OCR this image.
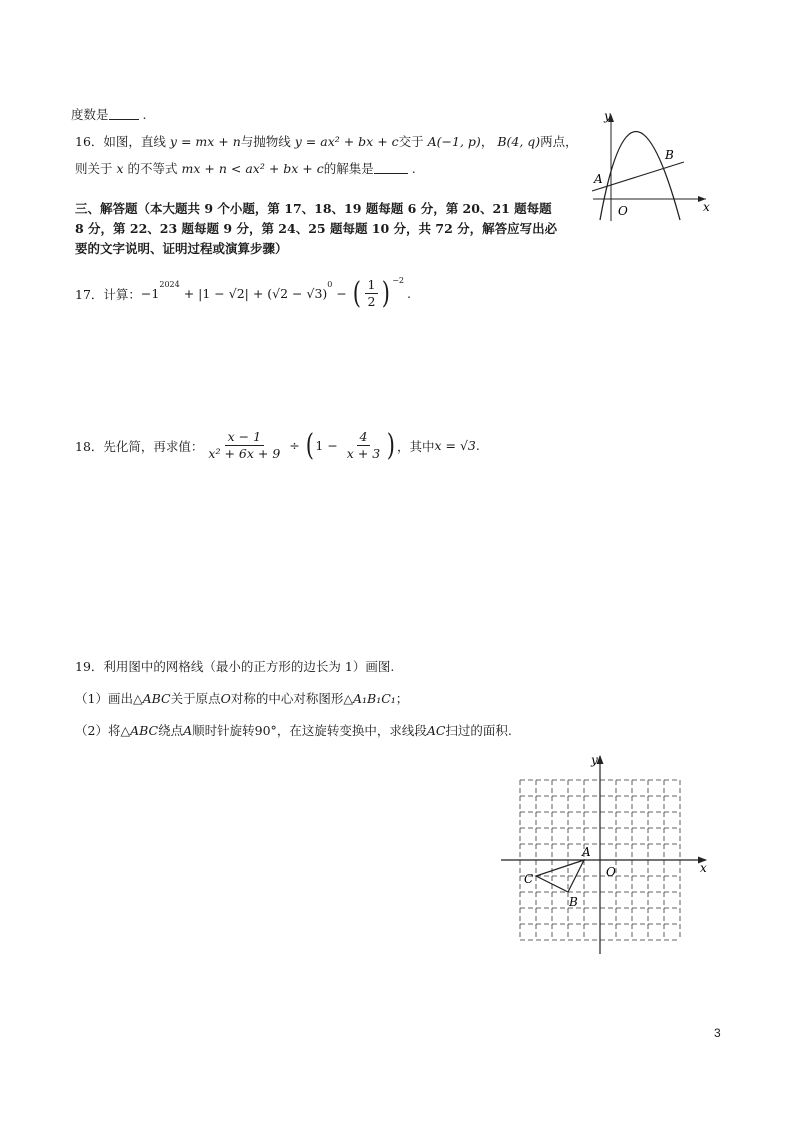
度数是	.
16．如图，直线 y = mx + n与抛物线 y = ax² + bx + c交于 A(−1, p)， B(4, q)两点，
则关于 x 的不等式 mx + n < ax² + bx + c的解集是	.
x
y
O
A
B
三、解答题（本大题共 9 个小题，第 17、18、19 题每题 6 分，第 20、21 题每题
8 分，第 22、23 题每题 9 分，第 24、25 题每题 10 分，共 72 分，解答应写出必
要的文字说明、证明过程或演算步骤）
17． 计算： −1
$^{2024}$
+ |1 − √2| + (√2 − √3)
$^0$
− ( $\frac{1}{2} )^{-2}$
.
18． 先化简，再求值： $\frac{x - 1}{\text{x² + 6x + 9}}$ ÷ ( $1 - \frac{4}{x + 3}$ ) ，其中 x = √3 .
19．利用图中的网格线（最小的正方形的边长为 1）画图.
（1）画出△ABC关于原点O对称的中心对称图形△A₁B₁C₁；
（2）将△ABC绕点A顺时针旋转90°，在这旋转变换中，求线段AC扫过的面积.
x
y
O
A
B
C
3
